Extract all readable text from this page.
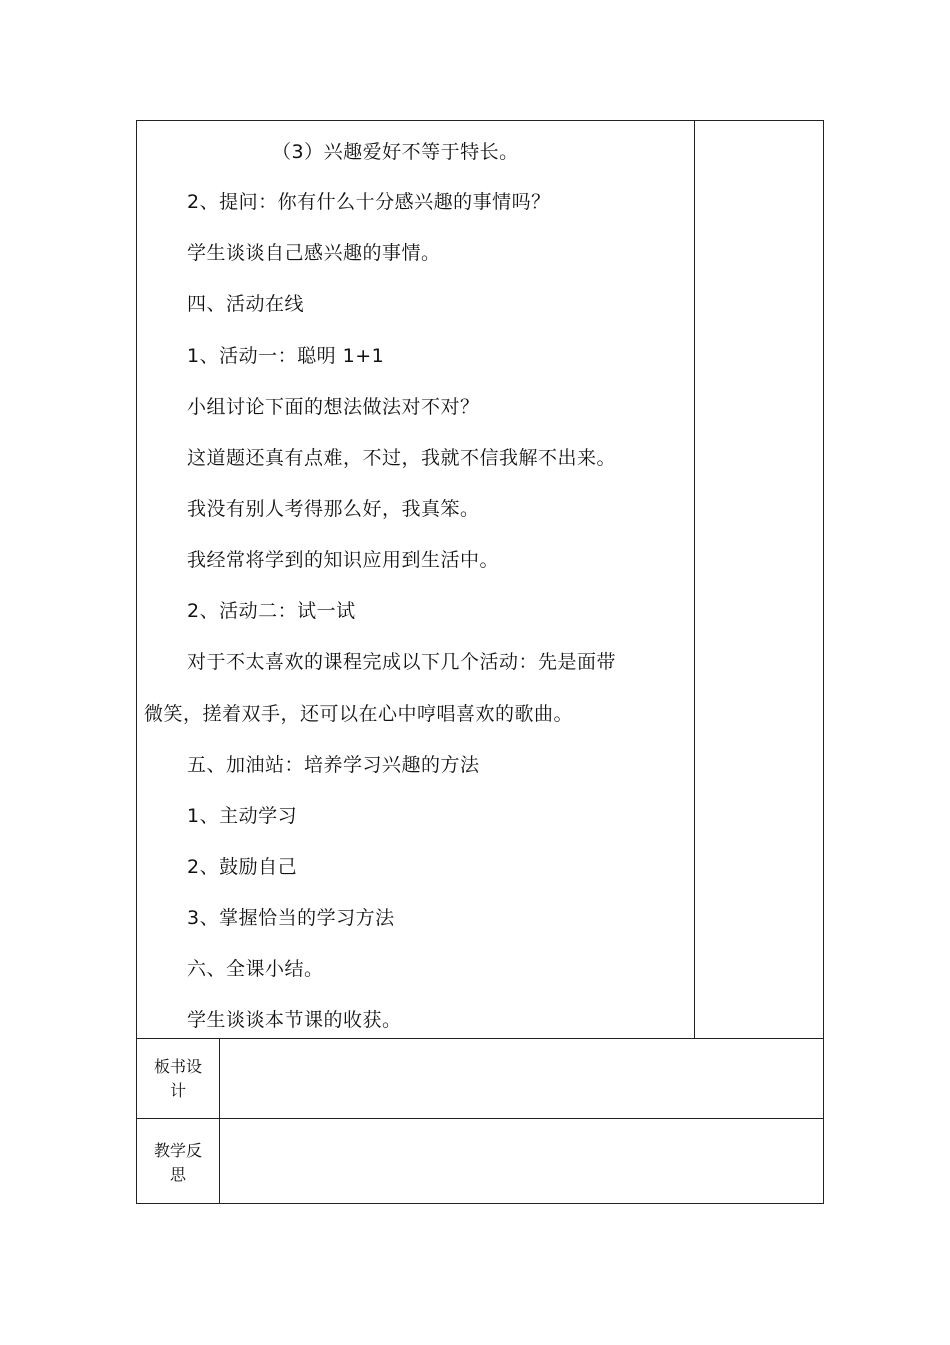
（3）兴趣爱好不等于特长。
2、提问：你有什么十分感兴趣的事情吗？
学生谈谈自己感兴趣的事情。
四、活动在线
1、活动一：聪明 1+1
小组讨论下面的想法做法对不对？
这道题还真有点难，不过，我就不信我解不出来。
我没有别人考得那么好，我真笨。
我经常将学到的知识应用到生活中。
2、活动二：试一试
对于不太喜欢的课程完成以下几个活动：先是面带
微笑，搓着双手，还可以在心中哼唱喜欢的歌曲。
五、加油站：培养学习兴趣的方法
1、主动学习
2、鼓励自己
3、掌握恰当的学习方法
六、全课小结。
学生谈谈本节课的收获。
板书设
计
教学反
思
